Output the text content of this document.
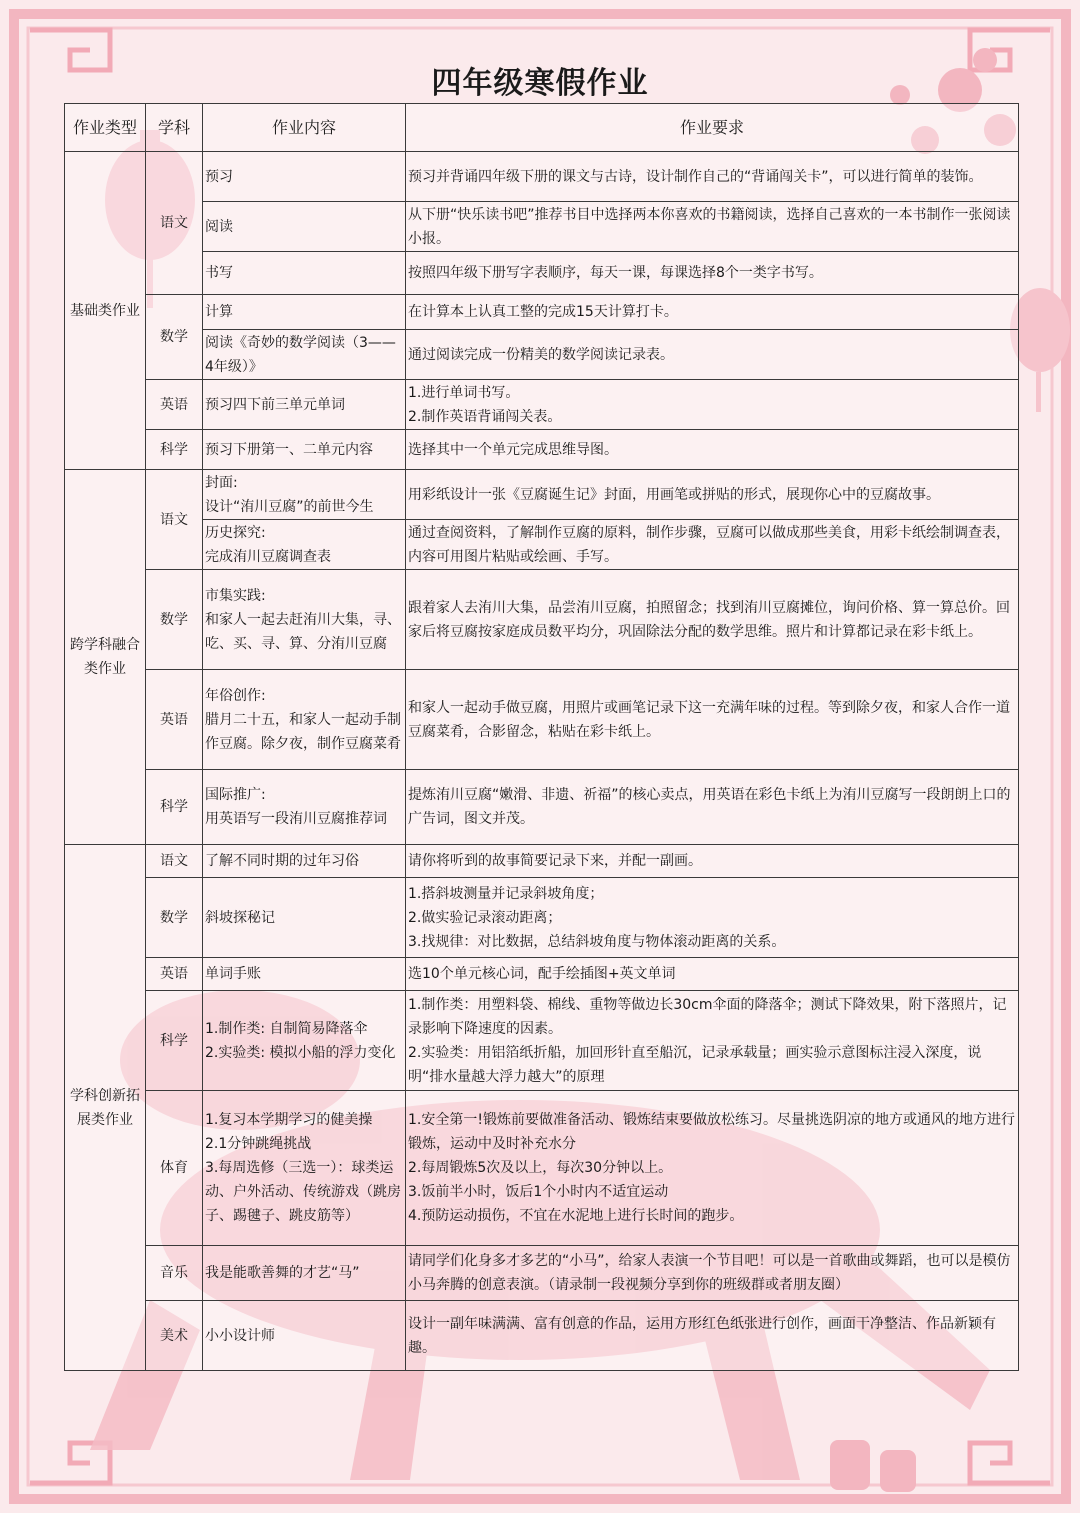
四年级寒假作业
作业类型	学科	作业内容	作业要求
基础类作业	语文	预习	预习并背诵四年级下册的课文与古诗，设计制作自己的“背诵闯关卡”，可以进行简单的装饰。
		阅读	从下册“快乐读书吧”推荐书目中选择两本你喜欢的书籍阅读，选择自己喜欢的一本书制作一张阅读小报。
		书写	按照四年级下册写字表顺序，每天一课，每课选择8个一类字书写。
	数学	计算	在计算本上认真工整的完成15天计算打卡。
		阅读《奇妙的数学阅读（3——4年级）》	通过阅读完成一份精美的数学阅读记录表。
	英语	预习四下前三单元单词	1.进行单词书写。
2.制作英语背诵闯关表。
	科学	预习下册第一、二单元内容	选择其中一个单元完成思维导图。
跨学科融合类作业	语文	封面:
设计“洧川豆腐”的前世今生	用彩纸设计一张《豆腐诞生记》封面，用画笔或拼贴的形式，展现你心中的豆腐故事。
		历史探究:
完成洧川豆腐调查表	通过查阅资料，了解制作豆腐的原料，制作步骤，豆腐可以做成那些美食，用彩卡纸绘制调查表，内容可用图片粘贴或绘画、手写。
	数学	市集实践:
和家人一起去赶洧川大集，寻、吃、买、寻、算、分洧川豆腐	跟着家人去洧川大集，品尝洧川豆腐，拍照留念；找到洧川豆腐摊位，询问价格、算一算总价。回家后将豆腐按家庭成员数平均分，巩固除法分配的数学思维。照片和计算都记录在彩卡纸上。
	英语	年俗创作:
腊月二十五，和家人一起动手制作豆腐。除夕夜，制作豆腐菜肴	和家人一起动手做豆腐，用照片或画笔记录下这一充满年味的过程。等到除夕夜，和家人合作一道豆腐菜肴，合影留念，粘贴在彩卡纸上。
	科学	国际推广:
用英语写一段洧川豆腐推荐词	提炼洧川豆腐“嫩滑、非遗、祈福”的核心卖点，用英语在彩色卡纸上为洧川豆腐写一段朗朗上口的广告词，图文并茂。
学科创新拓展类作业	语文	了解不同时期的过年习俗	请你将听到的故事简要记录下来，并配一副画。
	数学	斜坡探秘记	1.搭斜坡测量并记录斜坡角度；
2.做实验记录滚动距离；
3.找规律：对比数据，总结斜坡角度与物体滚动距离的关系。
	英语	单词手账	选10个单元核心词，配手绘插图+英文单词
	科学	1.制作类: 自制简易降落伞
2.实验类: 模拟小船的浮力变化	1.制作类：用塑料袋、棉线、重物等做边长30cm伞面的降落伞；测试下降效果，附下落照片，记录影响下降速度的因素。
2.实验类：用铝箔纸折船，加回形针直至船沉，记录承载量；画实验示意图标注浸入深度，说明“排水量越大浮力越大”的原理
	体育	1.复习本学期学习的健美操
2.1分钟跳绳挑战
3.每周选修（三选一）：球类运动、户外活动、传统游戏（跳房子、踢毽子、跳皮筋等）	1.安全第一!锻炼前要做准备活动、锻炼结束要做放松练习。尽量挑选阴凉的地方或通风的地方进行锻炼，运动中及时补充水分
2.每周锻炼5次及以上，每次30分钟以上。
3.饭前半小时，饭后1个小时内不适宜运动
4.预防运动损伤，不宜在水泥地上进行长时间的跑步。
	音乐	我是能歌善舞的才艺“马”	请同学们化身多才多艺的“小马”，给家人表演一个节目吧！可以是一首歌曲或舞蹈，也可以是模仿小马奔腾的创意表演。（请录制一段视频分享到你的班级群或者朋友圈）
	美术	小小设计师	设计一副年味满满、富有创意的作品，运用方形红色纸张进行创作，画面干净整洁、作品新颖有趣。
